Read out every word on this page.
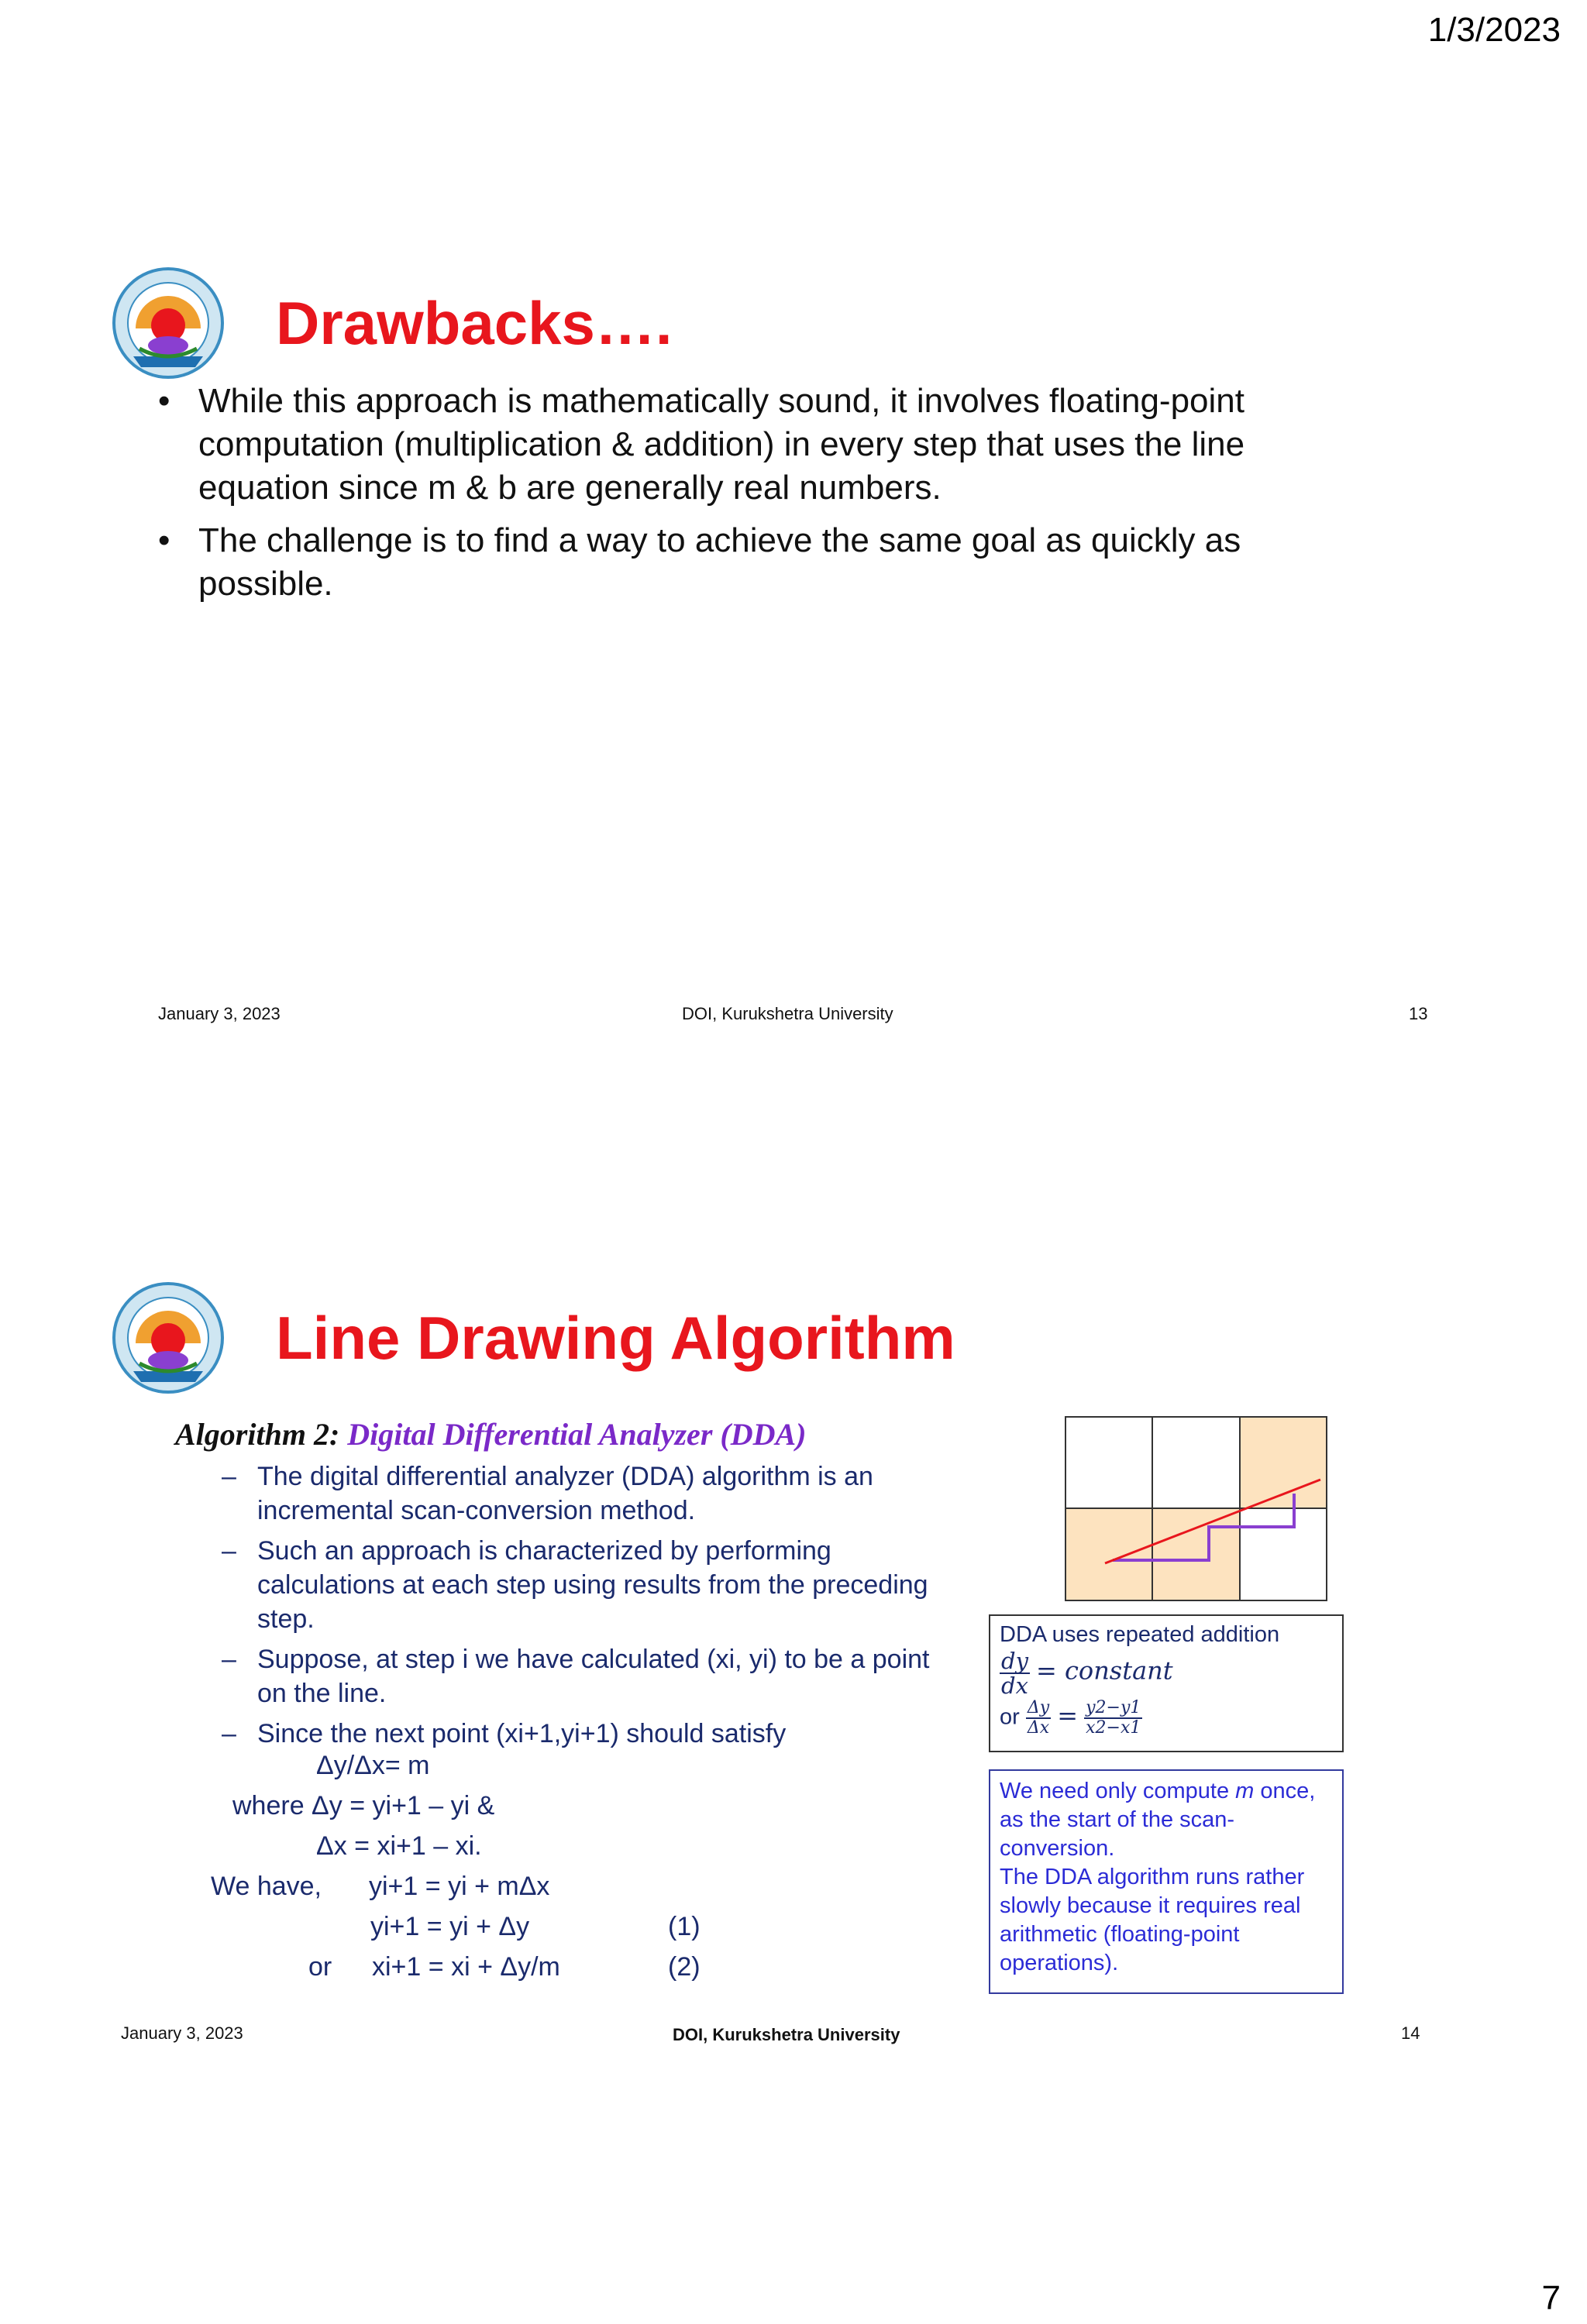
1/3/2023
Drawbacks….
• While this approach is mathematically sound, it involves floating-point computation (multiplication & addition) in every step that uses the line equation since m & b are generally real numbers.
• The challenge is to find a way to achieve the same goal as quickly as possible.
January 3, 2023	DOI, Kurukshetra University	13
Line Drawing Algorithm
Algorithm 2: Digital Differential Analyzer (DDA)
– The digital differential analyzer (DDA) algorithm is an incremental scan-conversion method.
– Such an approach is characterized by performing calculations at each step using results from the preceding step.
– Suppose, at step i we have calculated (xi, yi) to be a point on the line.
– Since the next point (xi+1,yi+1) should satisfy
Δy/Δx= m
where Δy = yi+1 – yi &
Δx = xi+1 – xi.
We have, yi+1 = yi + mΔx
yi+1 = yi + Δy	(1)
or xi+1 = xi + Δy/m	(2)
DDA uses repeated addition
$\frac{dy}{dx}$ = constant
or $\frac{\Delta y}{\Delta x} = \frac{y2-y1}{x2-x1}$
We need only compute m once, as the start of the scan-conversion.
The DDA algorithm runs rather slowly because it requires real arithmetic (floating-point operations).
January 3, 2023	DOI, Kurukshetra University	14
7
